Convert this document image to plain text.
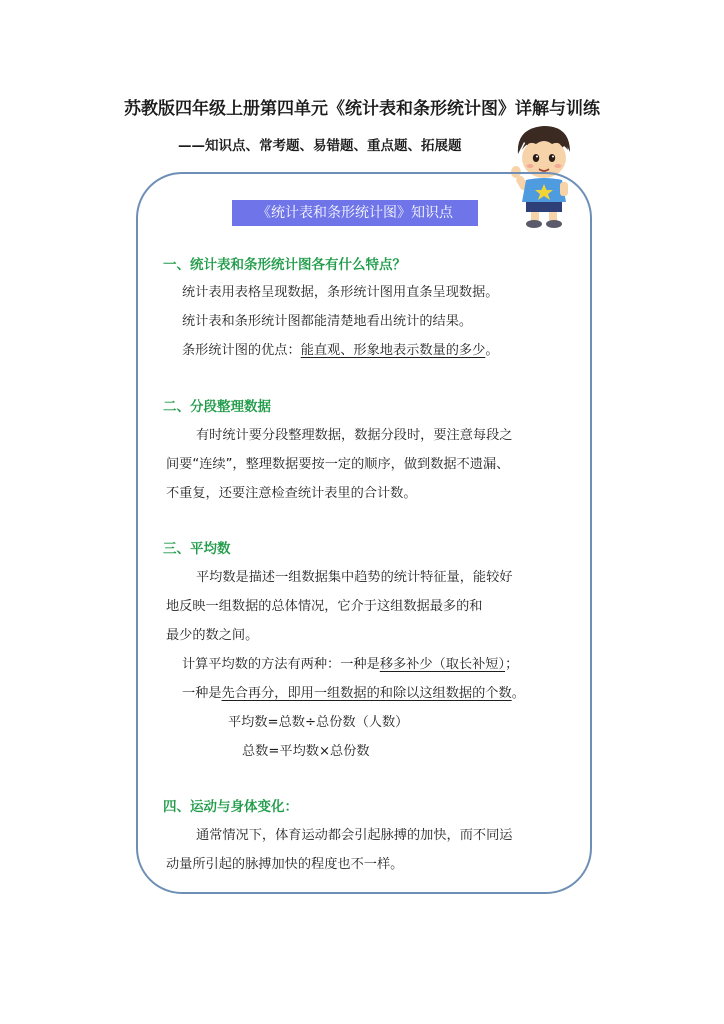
苏教版四年级上册第四单元《统计表和条形统计图》详解与训练
——知识点、常考题、易错题、重点题、拓展题
《统计表和条形统计图》知识点
一、统计表和条形统计图各有什么特点？
统计表用表格呈现数据，条形统计图用直条呈现数据。
统计表和条形统计图都能清楚地看出统计的结果。
条形统计图的优点：能直观、形象地表示数量的多少。
二、分段整理数据
有时统计要分段整理数据，数据分段时，要注意每段之
间要“连续”，整理数据要按一定的顺序，做到数据不遗漏、
不重复，还要注意检查统计表里的合计数。
三、平均数
平均数是描述一组数据集中趋势的统计特征量，能较好
地反映一组数据的总体情况，它介于这组数据最多的和
最少的数之间。
计算平均数的方法有两种：一种是移多补少（取长补短）；
一种是先合再分，即用一组数据的和除以这组数据的个数。
平均数=总数÷总份数（人数）
总数=平均数×总份数
四、运动与身体变化：
通常情况下，体育运动都会引起脉搏的加快，而不同运
动量所引起的脉搏加快的程度也不一样。
